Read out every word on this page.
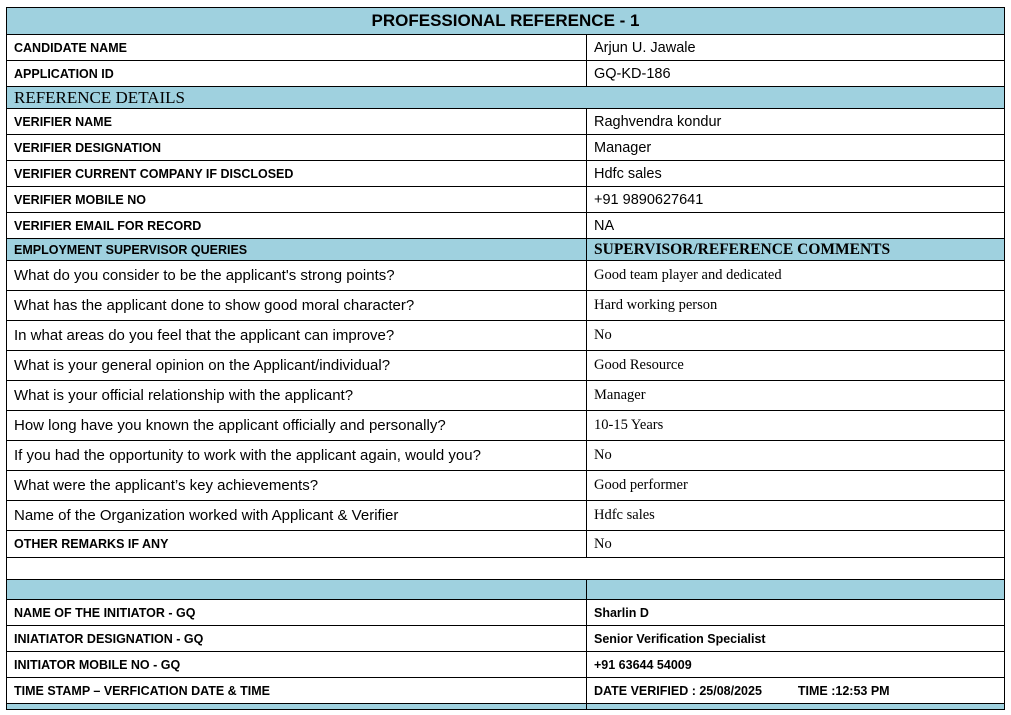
PROFESSIONAL REFERENCE - 1	
CANDIDATE NAME	Arjun U. Jawale
APPLICATION ID	GQ-KD-186
REFERENCE DETAILS	
VERIFIER NAME	Raghvendra kondur
VERIFIER DESIGNATION	Manager
VERIFIER CURRENT COMPANY IF DISCLOSED	Hdfc sales
VERIFIER MOBILE NO	+91 9890627641
VERIFIER EMAIL FOR RECORD	NA
EMPLOYMENT SUPERVISOR QUERIES	SUPERVISOR/REFERENCE COMMENTS
What do you consider to be the applicant's strong points?	Good team player and dedicated
What has the applicant done to show good moral character?	Hard working person
In what areas do you feel that the applicant can improve?	No
What is your general opinion on the Applicant/individual?	Good Resource
What is your official relationship with the applicant?	Manager
How long have you known the applicant officially and personally?	10-15 Years
If you had the opportunity to work with the applicant again, would you?	No
What were the applicant’s key achievements?	Good performer
Name of the Organization worked with Applicant & Verifier	Hdfc sales
OTHER REMARKS IF ANY	No

NAME OF THE INITIATOR - GQ	Sharlin D
INIATIATOR DESIGNATION - GQ	Senior Verification Specialist
INITIATOR MOBILE NO - GQ	+91 63644 54009
TIME STAMP – VERFICATION DATE & TIME	DATE VERIFIED : 25/08/2025 TIME :12:53 PM
